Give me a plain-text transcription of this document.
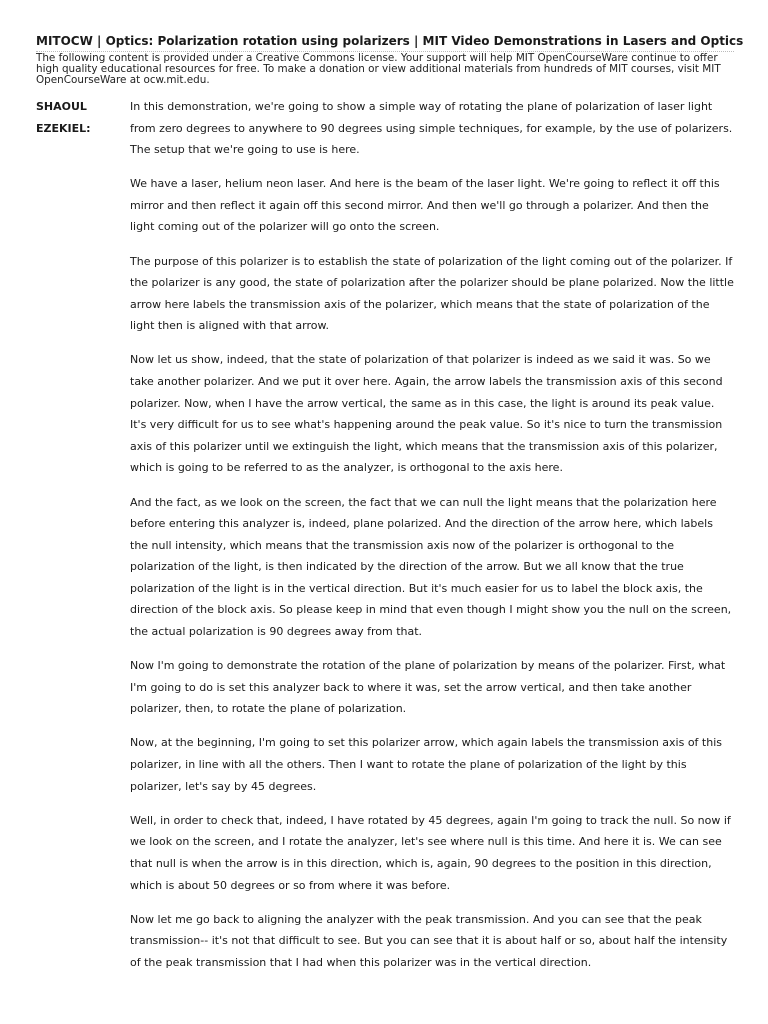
MITOCW | Optics: Polarization rotation using polarizers | MIT Video Demonstrations in Lasers and Optics

The following content is provided under a Creative Commons license. Your support will help MIT OpenCourseWare continue to offer high quality educational resources for free. To make a donation or view additional materials from hundreds of MIT courses, visit MIT OpenCourseWare at ocw.mit.edu.

SHAOUL
EZEKIEL:

In this demonstration, we're going to show a simple way of rotating the plane of polarization of laser light from zero degrees to anywhere to 90 degrees using simple techniques, for example, by the use of polarizers. The setup that we're going to use is here.

We have a laser, helium neon laser. And here is the beam of the laser light. We're going to reflect it off this mirror and then reflect it again off this second mirror. And then we'll go through a polarizer. And then the light coming out of the polarizer will go onto the screen.

The purpose of this polarizer is to establish the state of polarization of the light coming out of the polarizer. If the polarizer is any good, the state of polarization after the polarizer should be plane polarized. Now the little arrow here labels the transmission axis of the polarizer, which means that the state of polarization of the light then is aligned with that arrow.

Now let us show, indeed, that the state of polarization of that polarizer is indeed as we said it was. So we take another polarizer. And we put it over here. Again, the arrow labels the transmission axis of this second polarizer. Now, when I have the arrow vertical, the same as in this case, the light is around its peak value. It's very difficult for us to see what's happening around the peak value. So it's nice to turn the transmission axis of this polarizer until we extinguish the light, which means that the transmission axis of this polarizer, which is going to be referred to as the analyzer, is orthogonal to the axis here.

And the fact, as we look on the screen, the fact that we can null the light means that the polarization here before entering this analyzer is, indeed, plane polarized. And the direction of the arrow here, which labels the null intensity, which means that the transmission axis now of the polarizer is orthogonal to the polarization of the light, is then indicated by the direction of the arrow. But we all know that the true polarization of the light is in the vertical direction. But it's much easier for us to label the block axis, the direction of the block axis. So please keep in mind that even though I might show you the null on the screen, the actual polarization is 90 degrees away from that.

Now I'm going to demonstrate the rotation of the plane of polarization by means of the polarizer. First, what I'm going to do is set this analyzer back to where it was, set the arrow vertical, and then take another polarizer, then, to rotate the plane of polarization.

Now, at the beginning, I'm going to set this polarizer arrow, which again labels the transmission axis of this polarizer, in line with all the others. Then I want to rotate the plane of polarization of the light by this polarizer, let's say by 45 degrees.

Well, in order to check that, indeed, I have rotated by 45 degrees, again I'm going to track the null. So now if we look on the screen, and I rotate the analyzer, let's see where null is this time. And here it is. We can see that null is when the arrow is in this direction, which is, again, 90 degrees to the position in this direction, which is about 50 degrees or so from where it was before.

Now let me go back to aligning the analyzer with the peak transmission. And you can see that the peak transmission-- it's not that difficult to see. But you can see that it is about half or so, about half the intensity of the peak transmission that I had when this polarizer was in the vertical direction.
